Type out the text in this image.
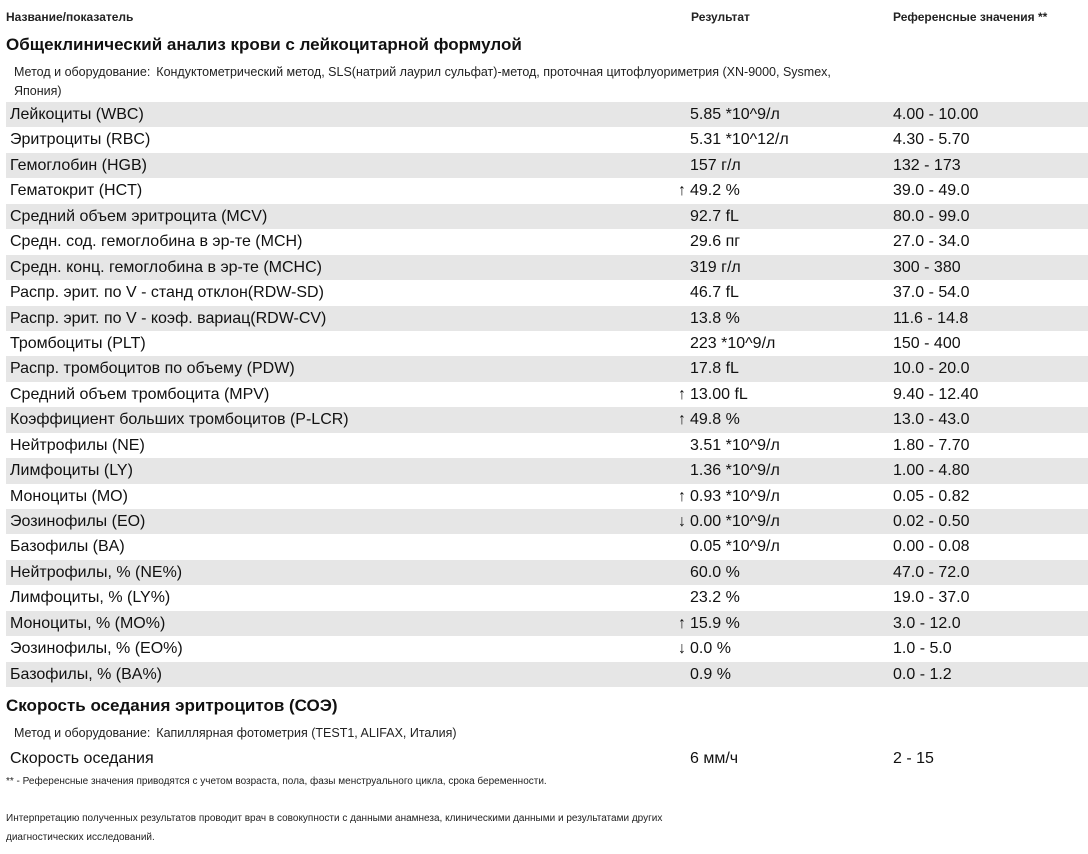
Название/показатель	Результат	Референсные значения **
Общеклинический анализ крови с лейкоцитарной формулой
Метод и оборудование: Кондуктометрический метод, SLS(натрий лаурил сульфат)-метод, проточная цитофлуориметрия (XN-9000, Sysmex,
Япония)
Лейкоциты (WBC)	5.85 *10^9/л	4.00 - 10.00
Эритроциты (RBC)	5.31 *10^12/л	4.30 - 5.70
Гемоглобин (HGB)	157 г/л	132 - 173
Гематокрит (HCT)	↑ 49.2 %	39.0 - 49.0
Средний объем эритроцита (MCV)	92.7 fL	80.0 - 99.0
Средн. сод. гемоглобина в эр-те (MCH)	29.6 пг	27.0 - 34.0
Средн. конц. гемоглобина в эр-те (MCHC)	319 г/л	300 - 380
Распр. эрит. по V - станд отклон(RDW-SD)	46.7 fL	37.0 - 54.0
Распр. эрит. по V - коэф. вариац(RDW-CV)	13.8 %	11.6 - 14.8
Тромбоциты (PLT)	223 *10^9/л	150 - 400
Распр. тромбоцитов по объему (PDW)	17.8 fL	10.0 - 20.0
Средний объем тромбоцита (MPV)	↑ 13.00 fL	9.40 - 12.40
Коэффициент больших тромбоцитов (P-LCR)	↑ 49.8 %	13.0 - 43.0
Нейтрофилы (NE)	3.51 *10^9/л	1.80 - 7.70
Лимфоциты (LY)	1.36 *10^9/л	1.00 - 4.80
Моноциты (MO)	↑ 0.93 *10^9/л	0.05 - 0.82
Эозинофилы (EO)	↓ 0.00 *10^9/л	0.02 - 0.50
Базофилы (BA)	0.05 *10^9/л	0.00 - 0.08
Нейтрофилы, % (NE%)	60.0 %	47.0 - 72.0
Лимфоциты, % (LY%)	23.2 %	19.0 - 37.0
Моноциты, % (MO%)	↑ 15.9 %	3.0 - 12.0
Эозинофилы, % (EO%)	↓ 0.0 %	1.0 - 5.0
Базофилы, % (BA%)	0.9 %	0.0 - 1.2
Скорость оседания эритроцитов (СОЭ)
Метод и оборудование: Капиллярная фотометрия (TEST1, ALIFAX, Италия)
Скорость оседания	6 мм/ч	2 - 15
** - Референсные значения приводятся с учетом возраста, пола, фазы менструального цикла, срока беременности.
Интерпретацию полученных результатов проводит врач в совокупности с данными анамнеза, клиническими данными и результатами других
диагностических исследований.
